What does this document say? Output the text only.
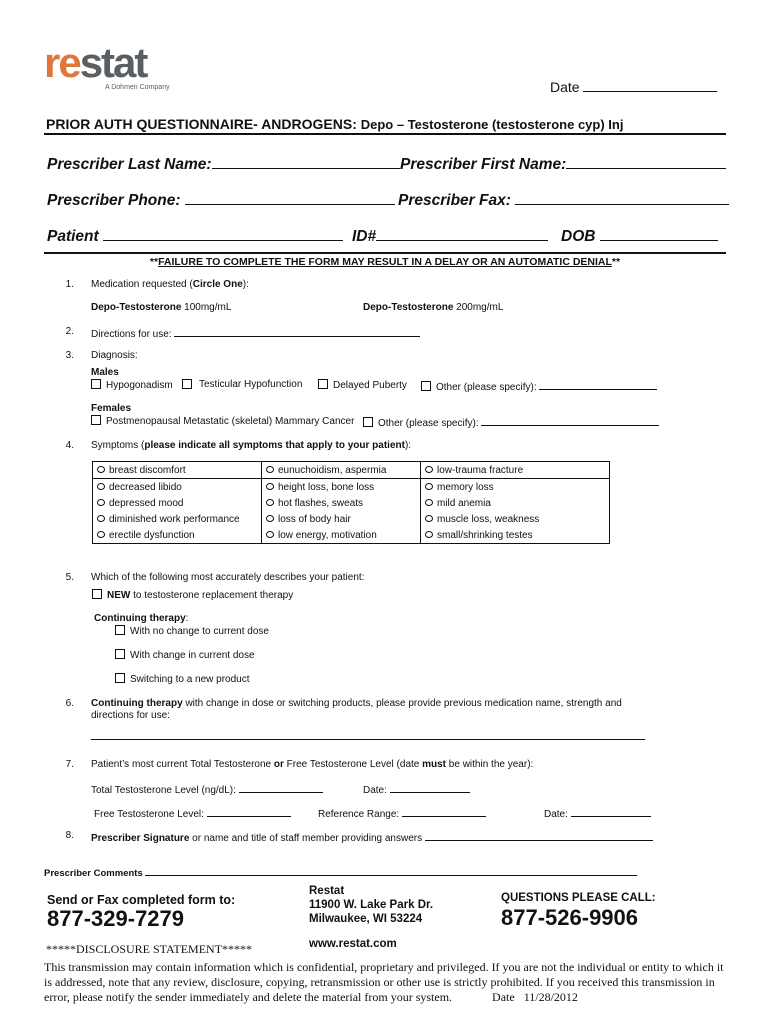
restat
A Dohmen Company	Date
PRIOR AUTH QUESTIONNAIRE- ANDROGENS: Depo – Testosterone (testosterone cyp) Inj
Prescriber Last Name:	Prescriber First Name:
Prescriber Phone:	Prescriber Fax:
Patient	ID#	DOB
**FAILURE TO COMPLETE THE FORM MAY RESULT IN A DELAY OR AN AUTOMATIC DENIAL**
1. Medication requested (Circle One):
Depo-Testosterone 100mg/mL	Depo-Testosterone 200mg/mL
2. Directions for use:
3. Diagnosis:
Males
Hypogonadism	Testicular Hypofunction	Delayed Puberty	Other (please specify):
Females
Postmenopausal Metastatic (skeletal) Mammary Cancer	Other (please specify):
4. Symptoms (please indicate all symptoms that apply to your patient):
breast discomfort	eunuchoidism, aspermia	low-trauma fracture
decreased libido	height loss, bone loss	memory loss
depressed mood	hot flashes, sweats	mild anemia
diminished work performance	loss of body hair	muscle loss, weakness
erectile dysfunction	low energy, motivation	small/shrinking testes
5. Which of the following most accurately describes your patient:
NEW to testosterone replacement therapy
Continuing therapy:
With no change to current dose
With change in current dose
Switching to a new product
6. Continuing therapy with change in dose or switching products, please provide previous medication name, strength and
directions for use:
7. Patient’s most current Total Testosterone or Free Testosterone Level (date must be within the year):
Total Testosterone Level (ng/dL):	Date:
Free Testosterone Level:	Reference Range:	Date:
8. Prescriber Signature or name and title of staff member providing answers
Prescriber Comments
Send or Fax completed form to:
877-329-7279
Restat
11900 W. Lake Park Dr.
Milwaukee, WI 53224
www.restat.com
QUESTIONS PLEASE CALL:
877-526-9906
*****DISCLOSURE STATEMENT*****
This transmission may contain information which is confidential, proprietary and privileged. If you are not the individual or entity to which it is addressed, note that any review, disclosure, copying, retransmission or other use is strictly prohibited. If you received this transmission in error, please notify the sender immediately and delete the material from your system.	Date 11/28/2012
